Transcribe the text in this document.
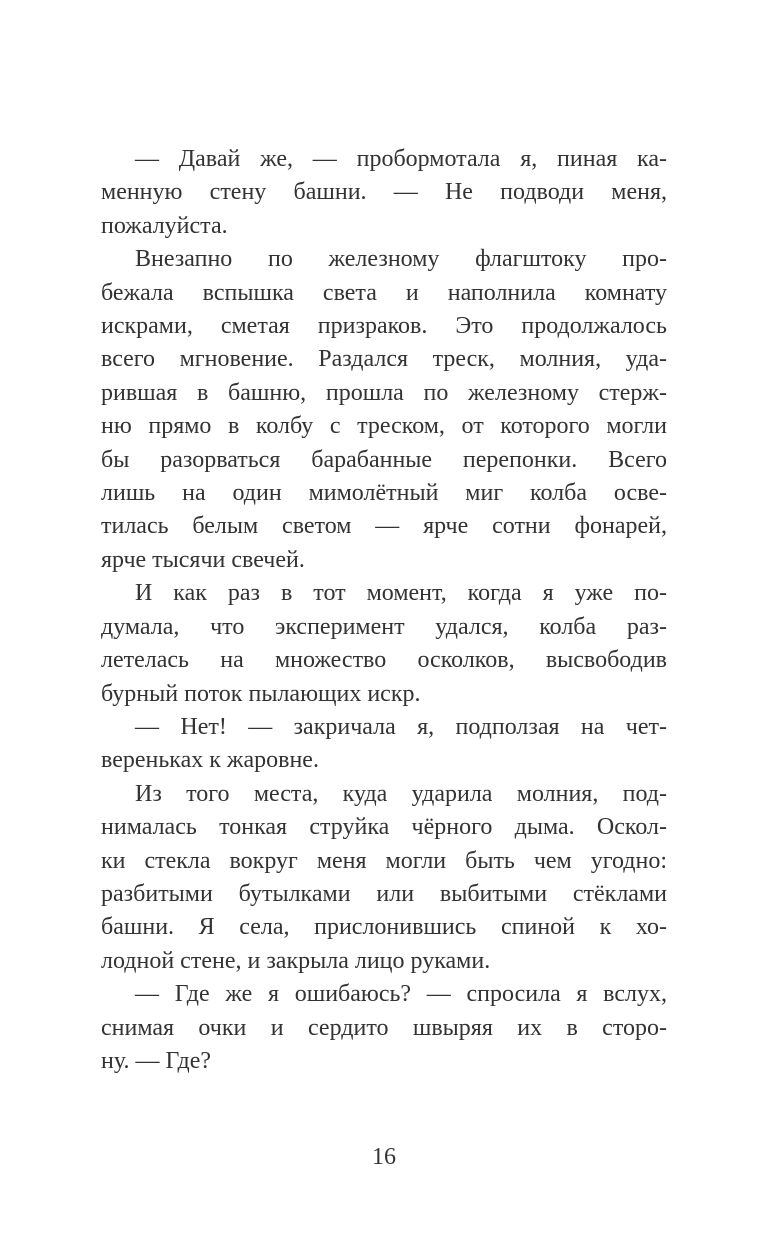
— Давай же, — пробормотала я, пиная ка-
менную стену башни. — Не подводи меня,
пожалуйста.
Внезапно по железному флагштоку про-
бежала вспышка света и наполнила комнату
искрами, сметая призраков. Это продолжалось
всего мгновение. Раздался треск, молния, уда-
рившая в башню, прошла по железному стерж-
ню прямо в колбу с треском, от которого могли
бы разорваться барабанные перепонки. Всего
лишь на один мимолётный миг колба осве-
тилась белым светом — ярче сотни фонарей,
ярче тысячи свечей.
И как раз в тот момент, когда я уже по-
думала, что эксперимент удался, колба раз-
летелась на множество осколков, высвободив
бурный поток пылающих искр.
— Нет! — закричала я, подползая на чет-
вереньках к жаровне.
Из того места, куда ударила молния, под-
нималась тонкая струйка чёрного дыма. Оскол-
ки стекла вокруг меня могли быть чем угодно:
разбитыми бутылками или выбитыми стёклами
башни. Я села, прислонившись спиной к хо-
лодной стене, и закрыла лицо руками.
— Где же я ошибаюсь? — спросила я вслух,
снимая очки и сердито швыряя их в сторо-
ну. — Где?
16
